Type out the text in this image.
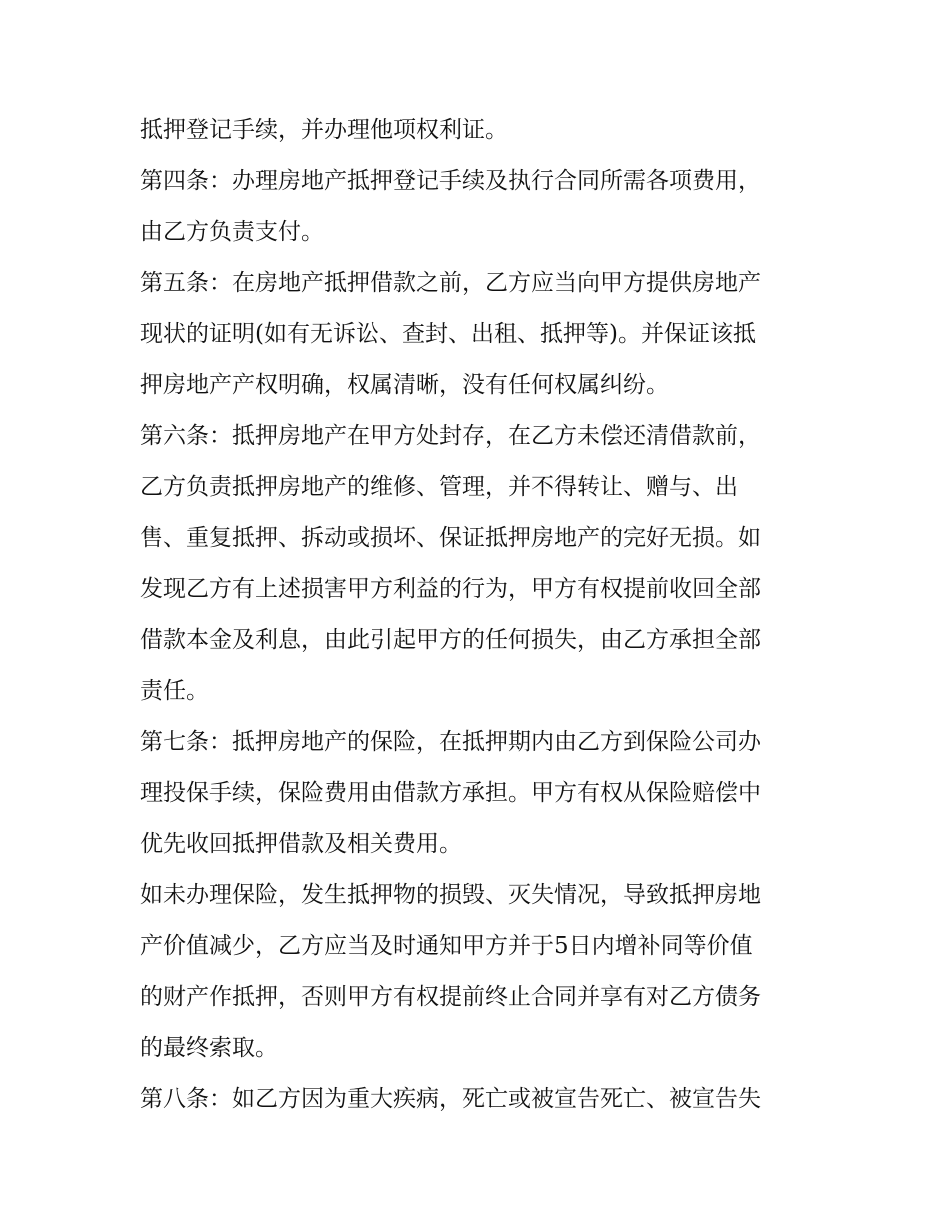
抵押登记手续，并办理他项权利证。
第四条：办理房地产抵押登记手续及执行合同所需各项费用，
由乙方负责支付。
第五条：在房地产抵押借款之前，乙方应当向甲方提供房地产
现状的证明(如有无诉讼、查封、出租、抵押等)。并保证该抵
押房地产产权明确，权属清晰，没有任何权属纠纷。
第六条：抵押房地产在甲方处封存，在乙方未偿还清借款前，
乙方负责抵押房地产的维修、管理，并不得转让、赠与、出
售、重复抵押、拆动或损坏、保证抵押房地产的完好无损。如
发现乙方有上述损害甲方利益的行为，甲方有权提前收回全部
借款本金及利息，由此引起甲方的任何损失，由乙方承担全部
责任。
第七条：抵押房地产的保险，在抵押期内由乙方到保险公司办
理投保手续，保险费用由借款方承担。甲方有权从保险赔偿中
优先收回抵押借款及相关费用。
如未办理保险，发生抵押物的损毁、灭失情况，导致抵押房地
产价值减少，乙方应当及时通知甲方并于5日内增补同等价值
的财产作抵押，否则甲方有权提前终止合同并享有对乙方债务
的最终索取。
第八条：如乙方因为重大疾病，死亡或被宣告死亡、被宣告失
